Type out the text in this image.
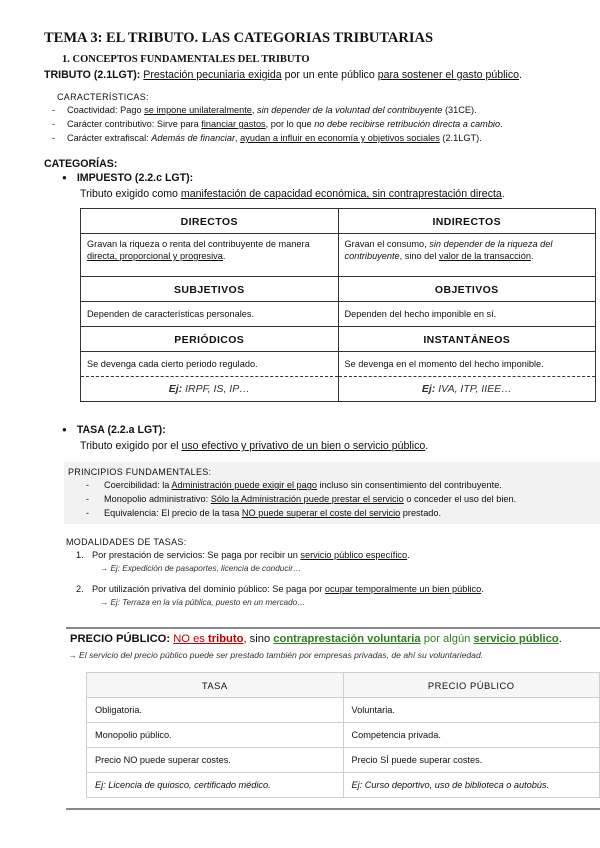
TEMA 3: EL TRIBUTO. LAS CATEGORIAS TRIBUTARIAS
1. CONCEPTOS FUNDAMENTALES DEL TRIBUTO
TRIBUTO (2.1LGT): Prestación pecuniaria exigida por un ente público para sostener el gasto público.
CARACTERÍSTICAS:
- Coactividad: Pago se impone unilateralmente, sin depender de la voluntad del contribuyente (31CE).
- Carácter contributivo: Sirve para financiar gastos, por lo que no debe recibirse retribución directa a cambio.
- Carácter extrafiscal: Además de financiar, ayudan a influir en economía y objetivos sociales (2.1LGT).
CATEGORÍAS:
● IMPUESTO (2.2.c LGT):
Tributo exigido como manifestación de capacidad económica, sin contraprestación directa.
DIRECTOS	INDIRECTOS
Gravan la riqueza o renta del contribuyente de manera directa, proporcional y progresiva.	Gravan el consumo, sin depender de la riqueza del contribuyente, sino del valor de la transacción.
SUBJETIVOS	OBJETIVOS
Dependen de características personales.	Dependen del hecho imponible en sí.
PERIÓDICOS	INSTANTÁNEOS
Se devenga cada cierto periodo regulado.	Se devenga en el momento del hecho imponible.
Ej: IRPF, IS, IP…	Ej: IVA, ITP, IIEE…
● TASA (2.2.a LGT):
Tributo exigido por el uso efectivo y privativo de un bien o servicio público.
PRINCIPIOS FUNDAMENTALES:
- Coercibilidad: la Administración puede exigir el pago incluso sin consentimiento del contribuyente.
- Monopolio administrativo: Sólo la Administración puede prestar el servicio o conceder el uso del bien.
- Equivalencia: El precio de la tasa NO puede superar el coste del servicio prestado.
MODALIDADES DE TASAS:
1. Por prestación de servicios: Se paga por recibir un servicio público específico.
→ Ej: Expedición de pasaportes, licencia de conducir…
2. Por utilización privativa del dominio público: Se paga por ocupar temporalmente un bien público.
→ Ej: Terraza en la vía pública, puesto en un mercado…
PRECIO PÚBLICO: NO es tributo, sino contraprestación voluntaria por algún servicio público.
→ El servicio del precio público puede ser prestado también por empresas privadas, de ahí su voluntariedad.
TASA	PRECIO PÚBLICO
Obligatoria.	Voluntaria.
Monopolio público.	Competencia privada.
Precio NO puede superar costes.	Precio SÍ puede superar costes.
Ej: Licencia de quiosco, certificado médico.	Ej: Curso deportivo, uso de biblioteca o autobús.
